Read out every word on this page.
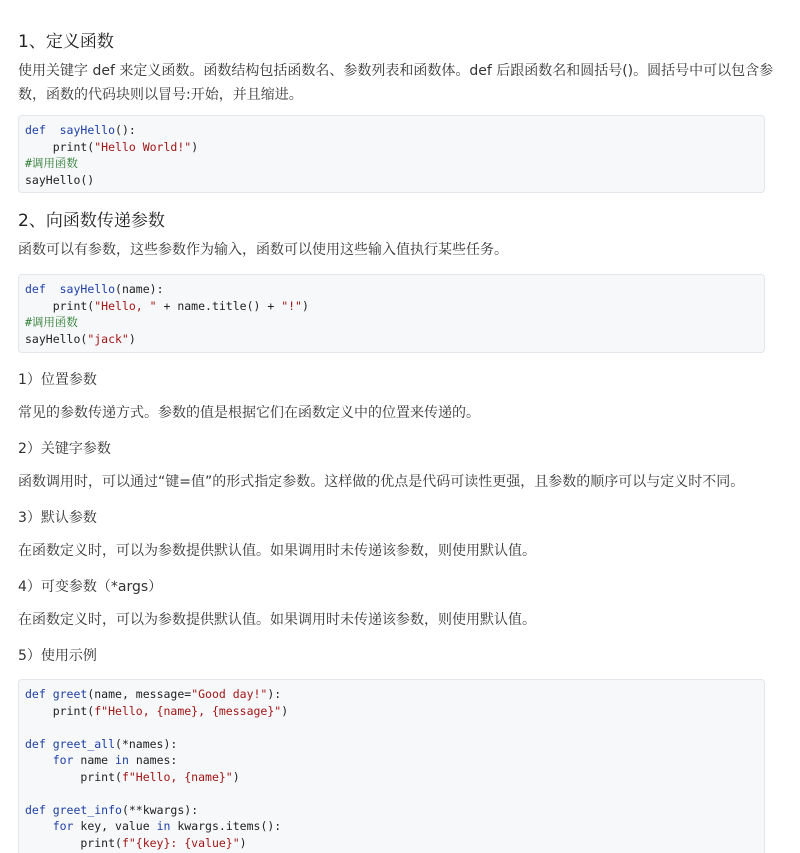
1、定义函数

使用关键字 def 来定义函数。函数结构包括函数名、参数列表和函数体。def 后跟函数名和圆括号()。圆括号中可以包含参数，函数的代码块则以冒号:开始，并且缩进。

def  sayHello():
print("Hello World!")
#调用函数
sayHello()
2、向函数传递参数

函数可以有参数，这些参数作为输入，函数可以使用这些输入值执行某些任务。

def  sayHello(name):
print("Hello, " + name.title() + "!")
#调用函数
sayHello("jack")
1）位置参数

常见的参数传递方式。参数的值是根据它们在函数定义中的位置来传递的。

2）关键字参数

函数调用时，可以通过“键=值”的形式指定参数。这样做的优点是代码可读性更强，且参数的顺序可以与定义时不同。

3）默认参数

在函数定义时，可以为参数提供默认值。如果调用时未传递该参数，则使用默认值。

4）可变参数（*args）

在函数定义时，可以为参数提供默认值。如果调用时未传递该参数，则使用默认值。

5）使用示例
def greet(name, message="Good day!"):
print(f"Hello, {name}, {message}")

def greet_all(*names):
for name in names:
print(f"Hello, {name}")

def greet_info(**kwargs):
for key, value in kwargs.items():
print(f"{key}: {value}")
